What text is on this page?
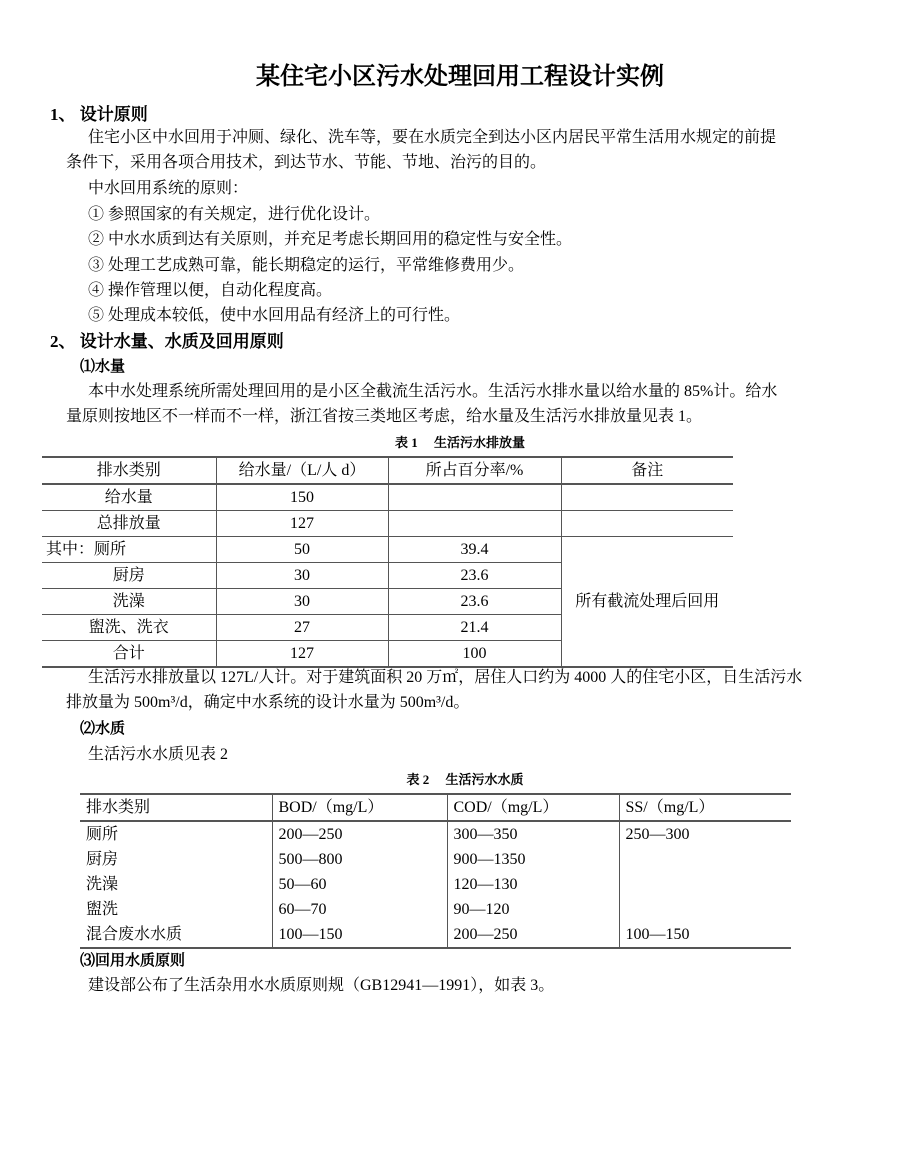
某住宅小区污水处理回用工程设计实例
1、 设计原则
住宅小区中水回用于冲厕、绿化、洗车等，要在水质完全到达小区内居民平常生活用水规定的前提
条件下，采用各项合用技术，到达节水、节能、节地、治污的目的。
中水回用系统的原则：
① 参照国家的有关规定，进行优化设计。
② 中水水质到达有关原则，并充足考虑长期回用的稳定性与安全性。
③ 处理工艺成熟可靠，能长期稳定的运行，平常维修费用少。
④ 操作管理以便，自动化程度高。
⑤ 处理成本较低，使中水回用品有经济上的可行性。
2、 设计水量、水质及回用原则
⑴水量
本中水处理系统所需处理回用的是小区全截流生活污水。生活污水排水量以给水量的 85%计。给水
量原则按地区不一样而不一样，浙江省按三类地区考虑，给水量及生活污水排放量见表 1。
表 1　 生活污水排放量
排水类别	给水量/（L/人 d）	所占百分率/%	备注
给水量	150		
总排放量	127		
其中：厕所	50	39.4	所有截流处理后回用
厨房	30	23.6	
洗澡	30	23.6	
盥洗、洗衣	27	21.4	
合计	127	100	
生活污水排放量以 127L/人计。对于建筑面积 20 万㎡，居住人口约为 4000 人的住宅小区，日生活污水
排放量为 500m³/d，确定中水系统的设计水量为 500m³/d。
⑵水质
生活污水水质见表 2
表 2　 生活污水水质
排水类别	BOD/（mg/L）	COD/（mg/L）	SS/（mg/L）
厕所	200—250	300—350	250—300
厨房	500—800	900—1350	
洗澡	50—60	120—130	
盥洗	60—70	90—120	
混合废水水质	100—150	200—250	100—150
⑶回用水质原则
建设部公布了生活杂用水水质原则规（GB12941—1991），如表 3。
